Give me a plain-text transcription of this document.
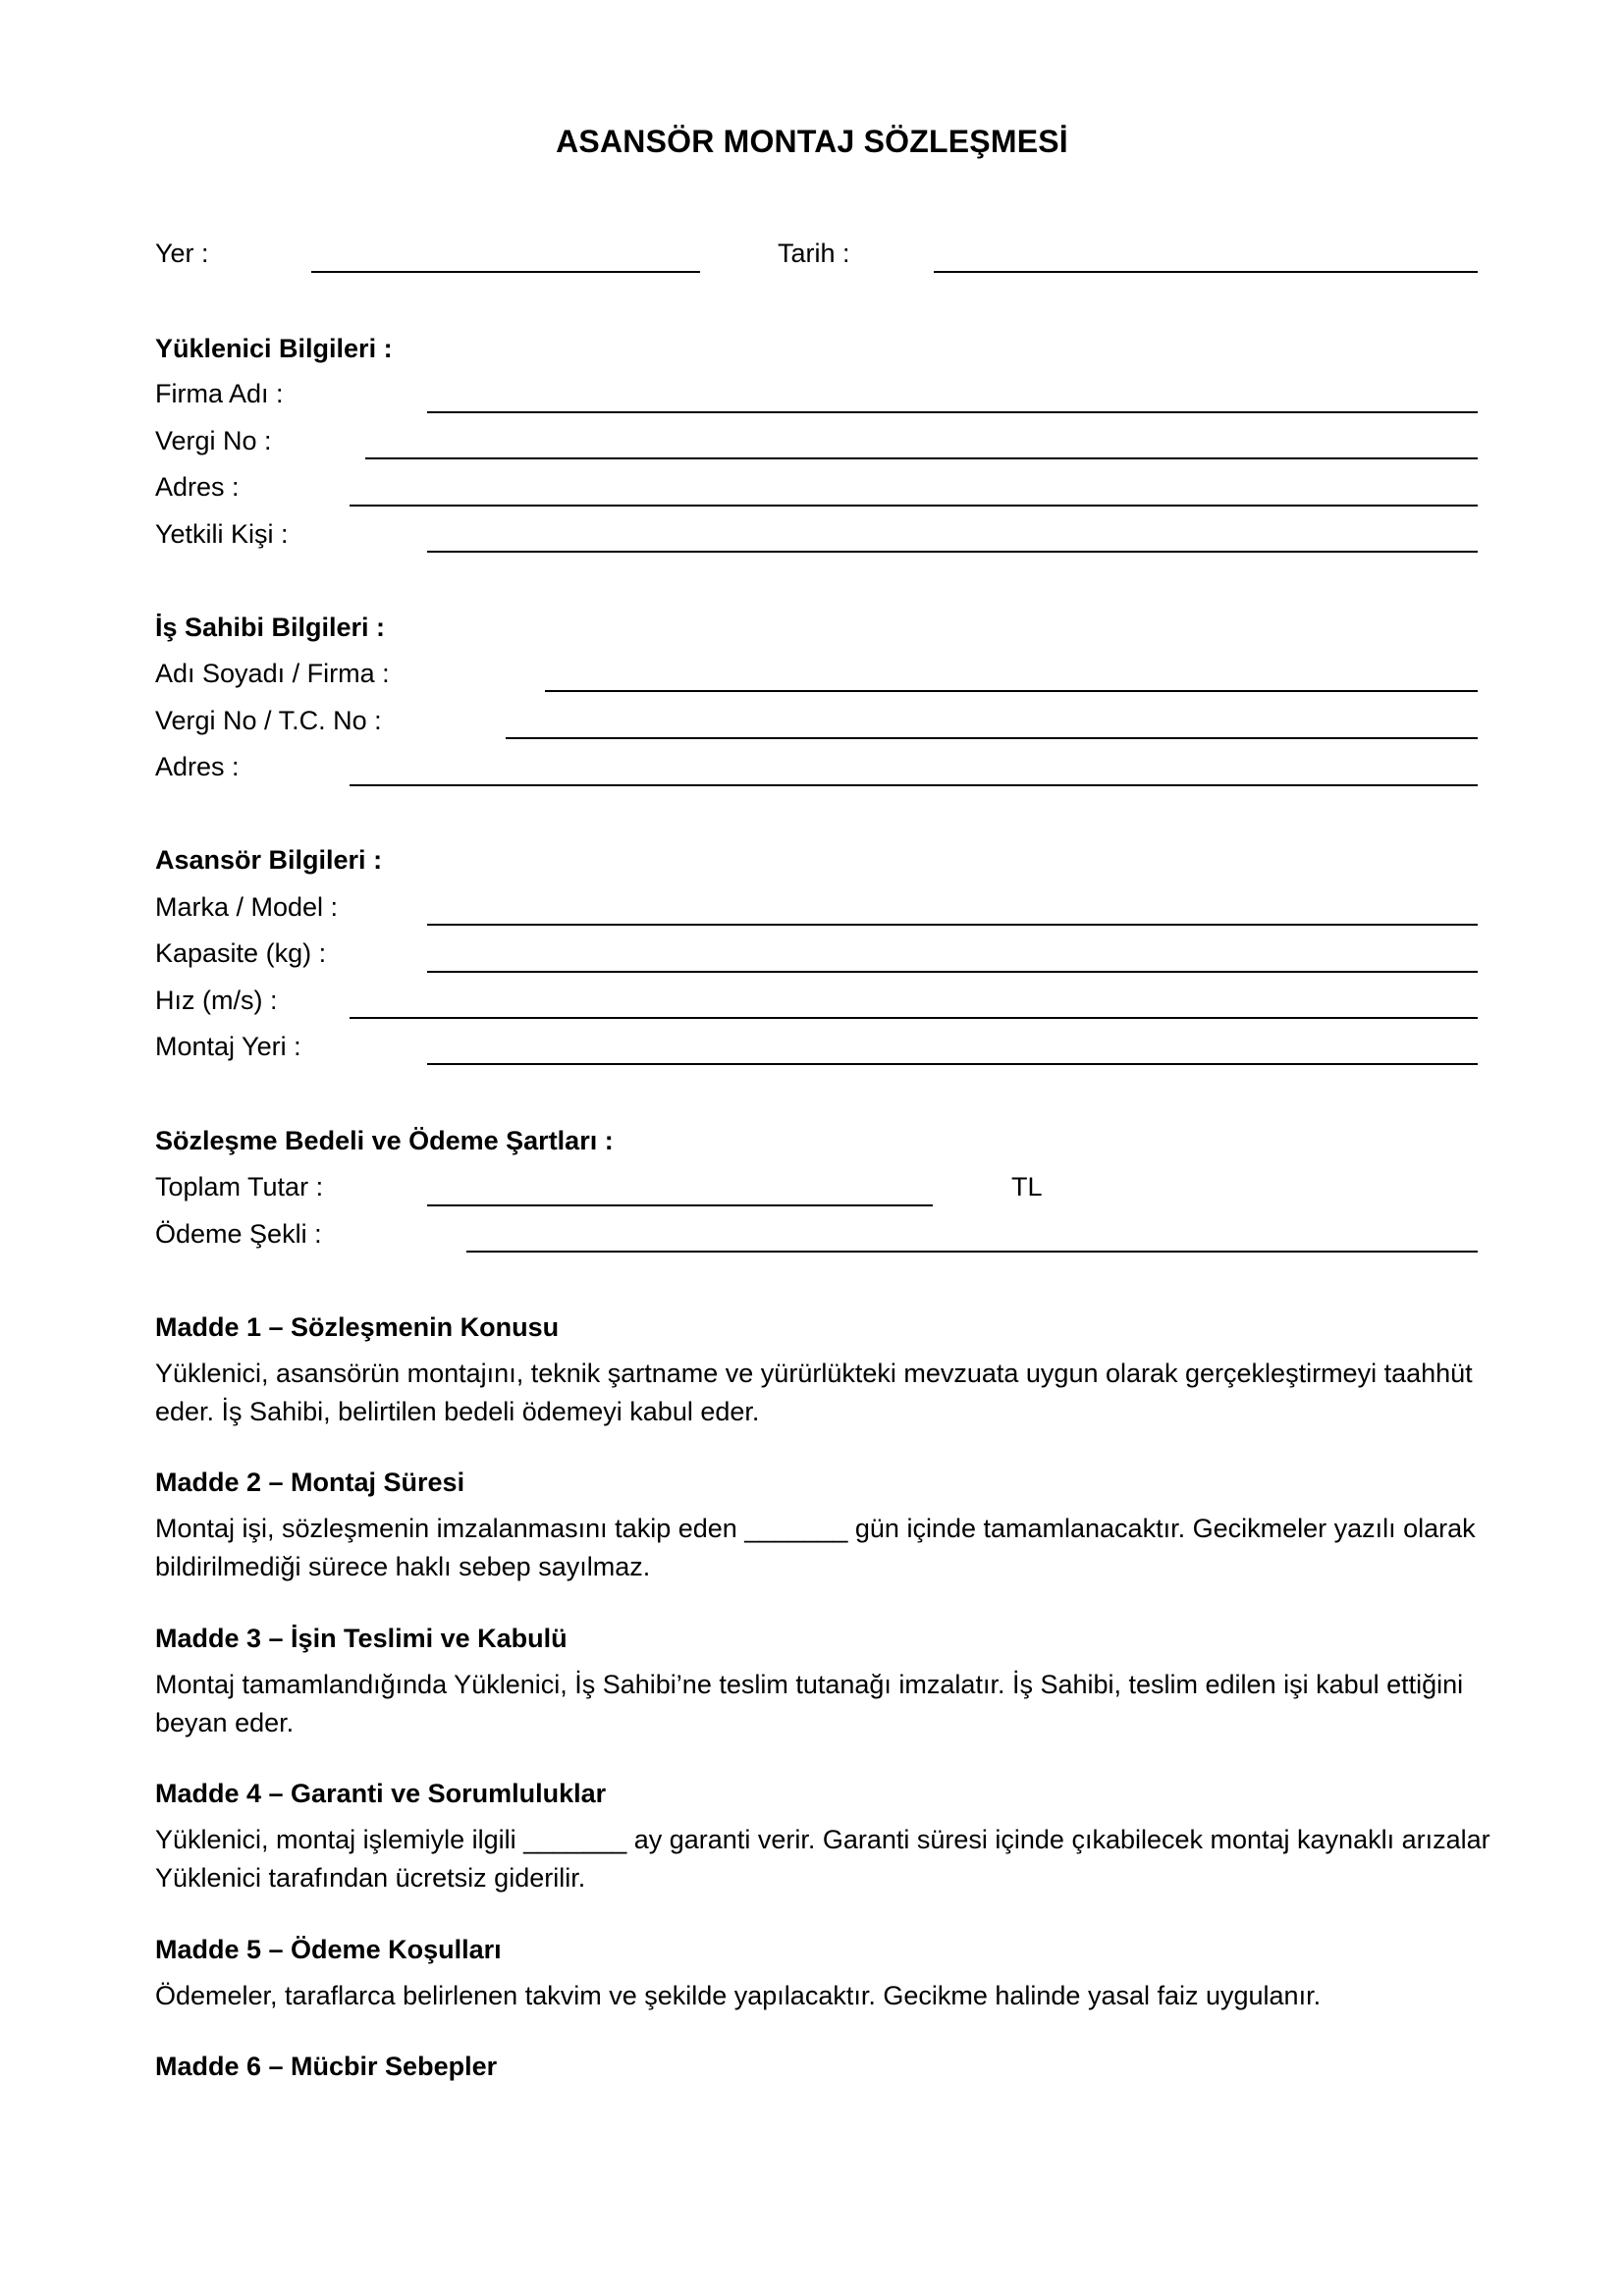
ASANSÖR MONTAJ SÖZLEŞMESİ
Yer :	Tarih :
Yüklenici Bilgileri :
Firma Adı :
Vergi No :
Adres :
Yetkili Kişi :
İş Sahibi Bilgileri :
Adı Soyadı / Firma :
Vergi No / T.C. No :
Adres :
Asansör Bilgileri :
Marka / Model :
Kapasite (kg) :
Hız (m/s) :
Montaj Yeri :
Sözleşme Bedeli ve Ödeme Şartları :
Toplam Tutar :	TL
Ödeme Şekli :
Madde 1 – Sözleşmenin Konusu
Yüklenici, asansörün montajını, teknik şartname ve yürürlükteki mevzuata uygun olarak gerçekleştirmeyi taahhüt eder. İş Sahibi, belirtilen bedeli ödemeyi kabul eder.
Madde 2 – Montaj Süresi
Montaj işi, sözleşmenin imzalanmasını takip eden _______ gün içinde tamamlanacaktır. Gecikmeler yazılı olarak bildirilmediği sürece haklı sebep sayılmaz.
Madde 3 – İşin Teslimi ve Kabulü
Montaj tamamlandığında Yüklenici, İş Sahibi’ne teslim tutanağı imzalatır. İş Sahibi, teslim edilen işi kabul ettiğini beyan eder.
Madde 4 – Garanti ve Sorumluluklar
Yüklenici, montaj işlemiyle ilgili _______ ay garanti verir. Garanti süresi içinde çıkabilecek montaj kaynaklı arızalar Yüklenici tarafından ücretsiz giderilir.
Madde 5 – Ödeme Koşulları
Ödemeler, taraflarca belirlenen takvim ve şekilde yapılacaktır. Gecikme halinde yasal faiz uygulanır.
Madde 6 – Mücbir Sebepler
